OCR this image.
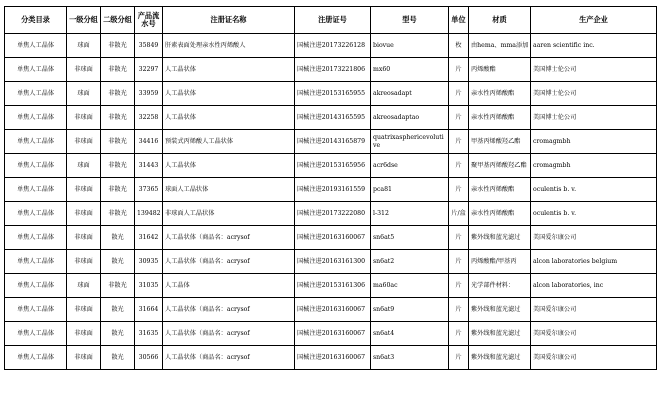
分类目录	一级分组	二级分组	产品流水号	注册证名称	注册证号	型号	单位	材质	生产企业
单焦人工晶体	球面	非散光	35849	肝素表面处理亲水性丙烯酸人	国械注进20173226128	biovue	枚	由hema、mma添加	aaren scientific inc.
单焦人工晶体	非球面	非散光	32297	人工晶状体	国械注进20173221806	mx60	片	丙烯酸酯	美国博士伦公司
单焦人工晶体	球面	非散光	33959	人工晶状体	国械注进20153165955	akreosadapt	片	亲水性丙烯酸酯	美国博士伦公司
单焦人工晶体	非球面	非散光	32258	人工晶状体	国械注进20143165595	akreosadaptao	片	亲水性丙烯酸酯	美国博士伦公司
单焦人工晶体	非球面	非散光	34416	预装式丙烯酸人工晶状体	国械注进20143165879	quatrixasphericevolutive	片	甲基丙烯酸羟乙酯	cromagmbh
单焦人工晶体	球面	非散光	31443	人工晶状体	国械注进20153165956	acr6dse	片	聚甲基丙烯酸羟乙酯	cromagmbh
单焦人工晶体	非球面	非散光	37365	球面人工晶状体	国械注进20193161559	pca81	片	亲水性丙烯酸酯	oculentis b. v.
单焦人工晶体	非球面	非散光	139482	非球面人工晶状体	国械注进20173222080	l-312	片/盒	亲水性丙烯酸酯	oculentis b. v.
单焦人工晶体	非球面	散光	31642	人工晶状体（商品名：acrysof	国械注进20163160067	sn6at5	片	紫外线和蓝光滤过	美国爱尔康公司
单焦人工晶体	非球面	散光	30935	人工晶状体（商品名：acrysof	国械注进20163161300	sn6at2	片	丙烯酸酯/甲基丙	alcon laboratories belgium
单焦人工晶体	球面	非散光	31035	人工晶体	国械注进20153161306	ma60ac	片	光学部件材料：	alcon laboratories, inc
单焦人工晶体	非球面	散光	31664	人工晶状体（商品名：acrysof	国械注进20163160067	sn6at9	片	紫外线和蓝光滤过	美国爱尔康公司
单焦人工晶体	非球面	散光	31635	人工晶状体（商品名：acrysof	国械注进20163160067	sn6at4	片	紫外线和蓝光滤过	美国爱尔康公司
单焦人工晶体	非球面	散光	30566	人工晶状体（商品名：acrysof	国械注进20163160067	sn6at3	片	紫外线和蓝光滤过	美国爱尔康公司
